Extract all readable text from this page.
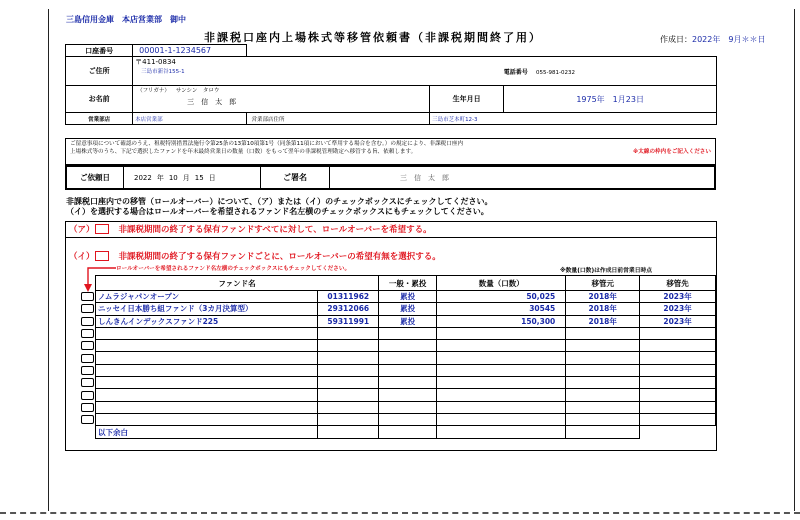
三島信用金庫　本店営業部　御中
非課税口座内上場株式等移管依頼書（非課税期間終了用）	作成日：2022年　9月＊＊日
口座番号	00001-1-1234567			
ご住所	〒411-0834
三島市新谷155-1			電話番号 055-981-0232
お名前	（フリガナ） サンシン　タロウ
三　信　太　郎		生年月日	1975年　1月23日
営業部店	本店営業部	営業部店住所	三島市芝本町12-3	
ご留意事項について確認のうえ、租税特別措置法施行令第25条の13第10項第1号（同条第11項において準用する場合を含む。）の規定により、非課税口座内
上場株式等のうち、下記で選択したファンドを年末最終営業日の数量（口数）をもって翌年の非課税管理勘定へ移管する旨、依頼します。	※太線の枠内をご記入ください
ご依頼日	2022 年 10 月 15 日	ご署名	三　信　太　郎
非課税口座内での移管（ロールオーバー）について、（ア）または（イ）のチェックボックスにチェックしてください。
（イ）を選択する場合はロールオーバーを希望されるファンド名左横のチェックボックスにもチェックしてください。
（ア）	非課税期間の終了する保有ファンドすべてに対して、ロールオーバーを希望する。
（イ）	非課税期間の終了する保有ファンドごとに、ロールオーバーの希望有無を選択する。
ロールオーバーを希望されるファンド名左横のチェックボックスにもチェックしてください。	※数量(口数)は作成日前営業日時点
	ファンド名		一般・累投	数量（口数）	移管元	移管先
	ノムラジャパンオープン	01311962	累投	50,025	2018年	2023年
	ニッセイ日本勝ち組ファンド（3カ月決算型）	29312066	累投	30545	2018年	2023年
	しんきんインデックスファンド225	59311991	累投	150,300	2018年	2023年

	以下余白					
